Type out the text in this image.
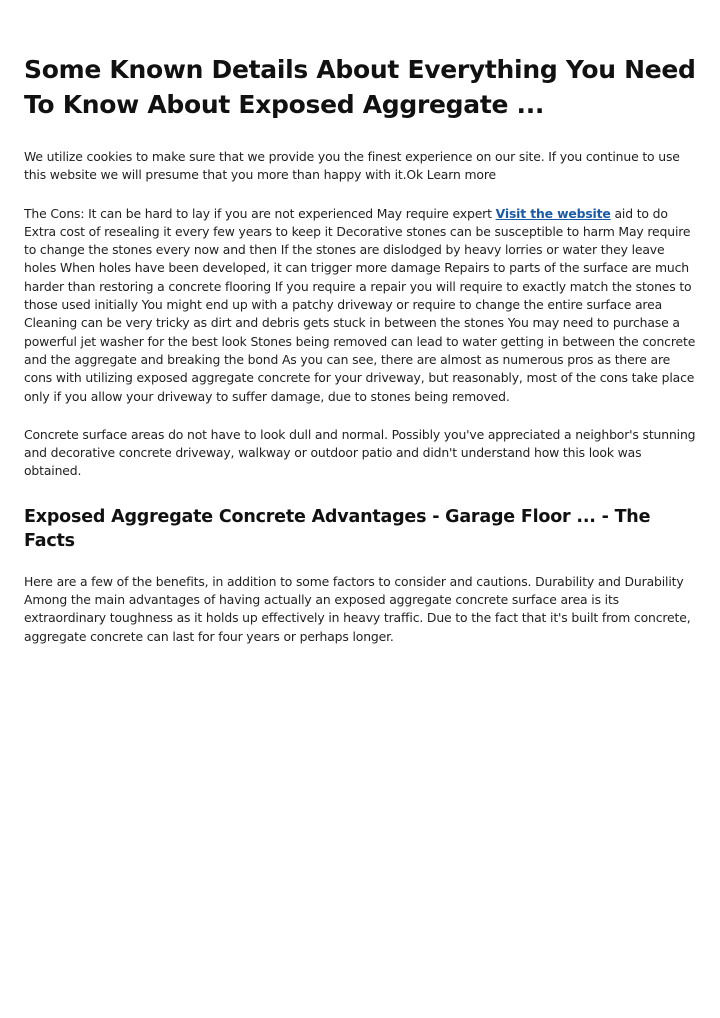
Some Known Details About Everything You Need To Know About Exposed Aggregate ...

We utilize cookies to make sure that we provide you the finest experience on our site. If you continue to use this website we will presume that you more than happy with it.Ok Learn more

The Cons: It can be hard to lay if you are not experienced May require expert Visit the website aid to do Extra cost of resealing it every few years to keep it Decorative stones can be susceptible to harm May require to change the stones every now and then If the stones are dislodged by heavy lorries or water they leave holes When holes have been developed, it can trigger more damage Repairs to parts of the surface are much harder than restoring a concrete flooring If you require a repair you will require to exactly match the stones to those used initially You might end up with a patchy driveway or require to change the entire surface area Cleaning can be very tricky as dirt and debris gets stuck in between the stones You may need to purchase a powerful jet washer for the best look Stones being removed can lead to water getting in between the concrete and the aggregate and breaking the bond As you can see, there are almost as numerous pros as there are cons with utilizing exposed aggregate concrete for your driveway, but reasonably, most of the cons take place only if you allow your driveway to suffer damage, due to stones being removed.

Concrete surface areas do not have to look dull and normal. Possibly you've appreciated a neighbor's stunning and decorative concrete driveway, walkway or outdoor patio and didn't understand how this look was obtained.

Exposed Aggregate Concrete Advantages - Garage Floor ... - The Facts

Here are a few of the benefits, in addition to some factors to consider and cautions. Durability and Durability Among the main advantages of having actually an exposed aggregate concrete surface area is its extraordinary toughness as it holds up effectively in heavy traffic. Due to the fact that it's built from concrete, aggregate concrete can last for four years or perhaps longer.
